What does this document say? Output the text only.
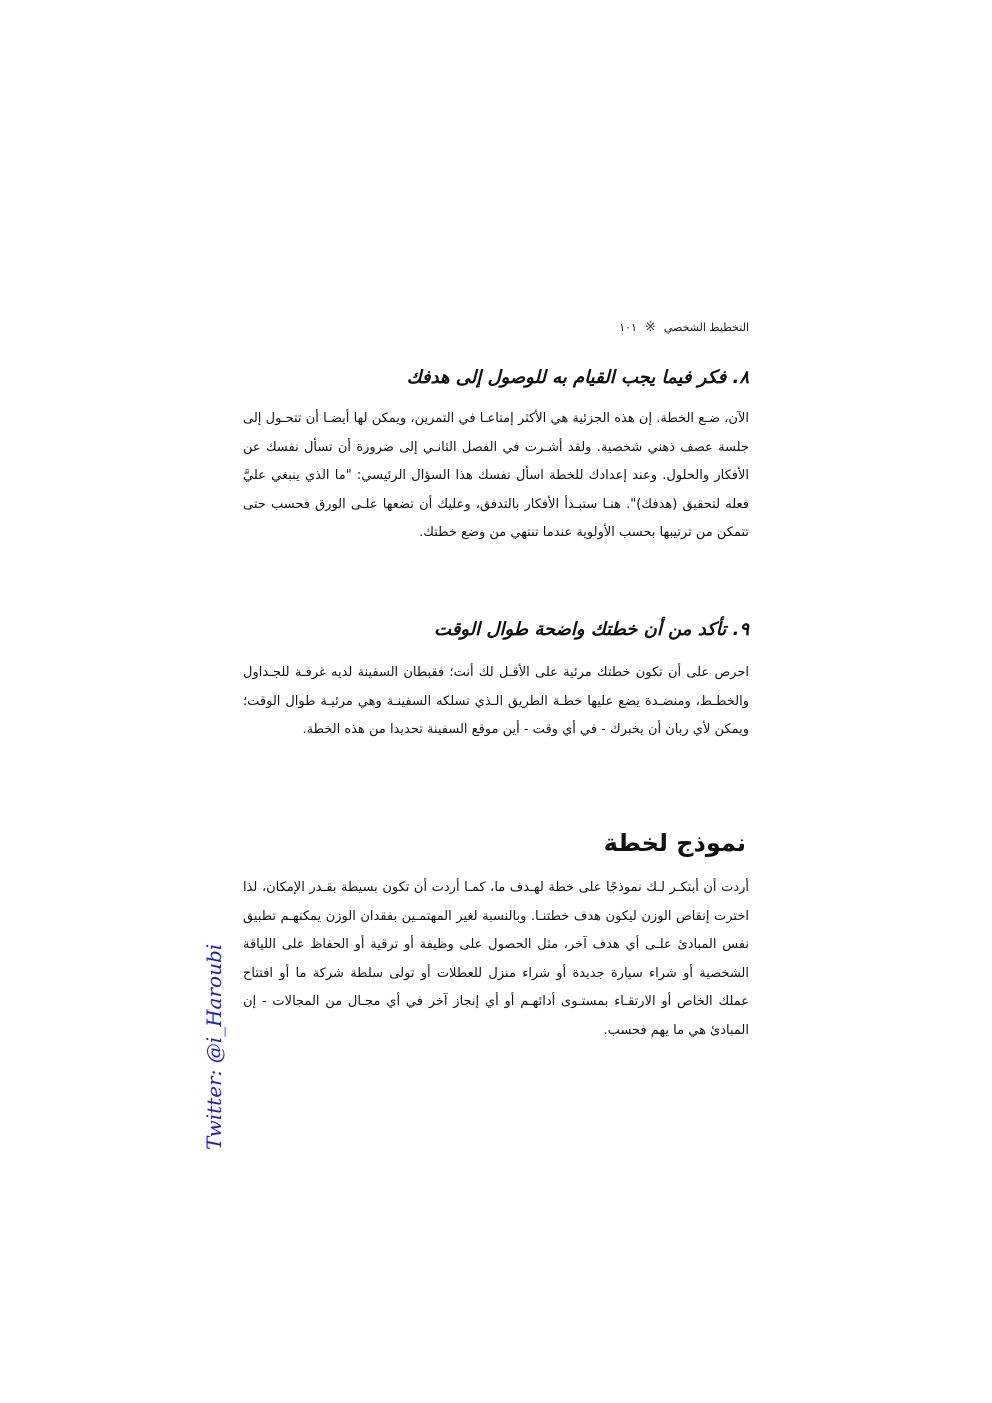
التخطيط الشخصي
※
١٠١
٨. فكر فيما يجب القيام به للوصول إلى هدفك

الآن، ضـع الخطة. إن هذه الجزئية هي الأكثر إمتاعـا في التمرين، ويمكن لها أيضـا أن تتحـول إلى جلسة عصف ذهني شخصية. ولقد أشـرت في الفصل الثانـي إلى ضرورة أن تسأل نفسك عن الأفكار والحلول. وعند إعدادك للخطة اسأل نفسك هذا السؤال الرئيسي: "ما الذي ينبغي عليَّ فعله لتحقيق (هدفك)". هنـا ستبـدأ الأفكار بالتدفق، وعليك أن تضعها علـى الورق فحسب حتى تتمكن من ترتيبها بحسب الأولوية عندما تنتهي من وضع خطتك.

٩. تأكد من أن خطتك واضحة طوال الوقت

احرص على أن تكون خطتك مرئية على الأقـل لك أنت؛ فقبطان السفينة لديه غرفـة للجـداول والخطـط، ومنضـدة يضع عليها خطـة الطريق الـذي تسلكه السفينـة وهي مرئيـة طوال الوقت؛ ويمكن لأي ربان أن يخبرك - في أي وقت - أين موقع السفينة تحديدا من هذه الخطة.

نموذج لخطة

أردت أن أبتكـر لـك نموذجًا على خطة لهـدف ما، كمـا أردت أن تكون بسيطة بقـدر الإمكان، لذا اخترت إنقاص الوزن ليكون هدف خطتنـا. وبالنسبة لغير المهتمـين بفقدان الوزن يمكنهـم تطبيق نفس المبادئ علـى أي هدف آخر، مثل الحصول على وظيفة أو ترقية أو الحفاظ على اللياقة الشخصية أو شراء سيارة جديدة أو شراء منزل للعطلات أو تولى سلطة شركة ما أو افتتاح عملك الخاص أو الارتقـاء بمستـوى أدائهـم أو أي إنجاز آخر في أي مجـال من المجالات - إن المبادئ هي ما يهم فحسب.

Twitter: @i_Haroubi
